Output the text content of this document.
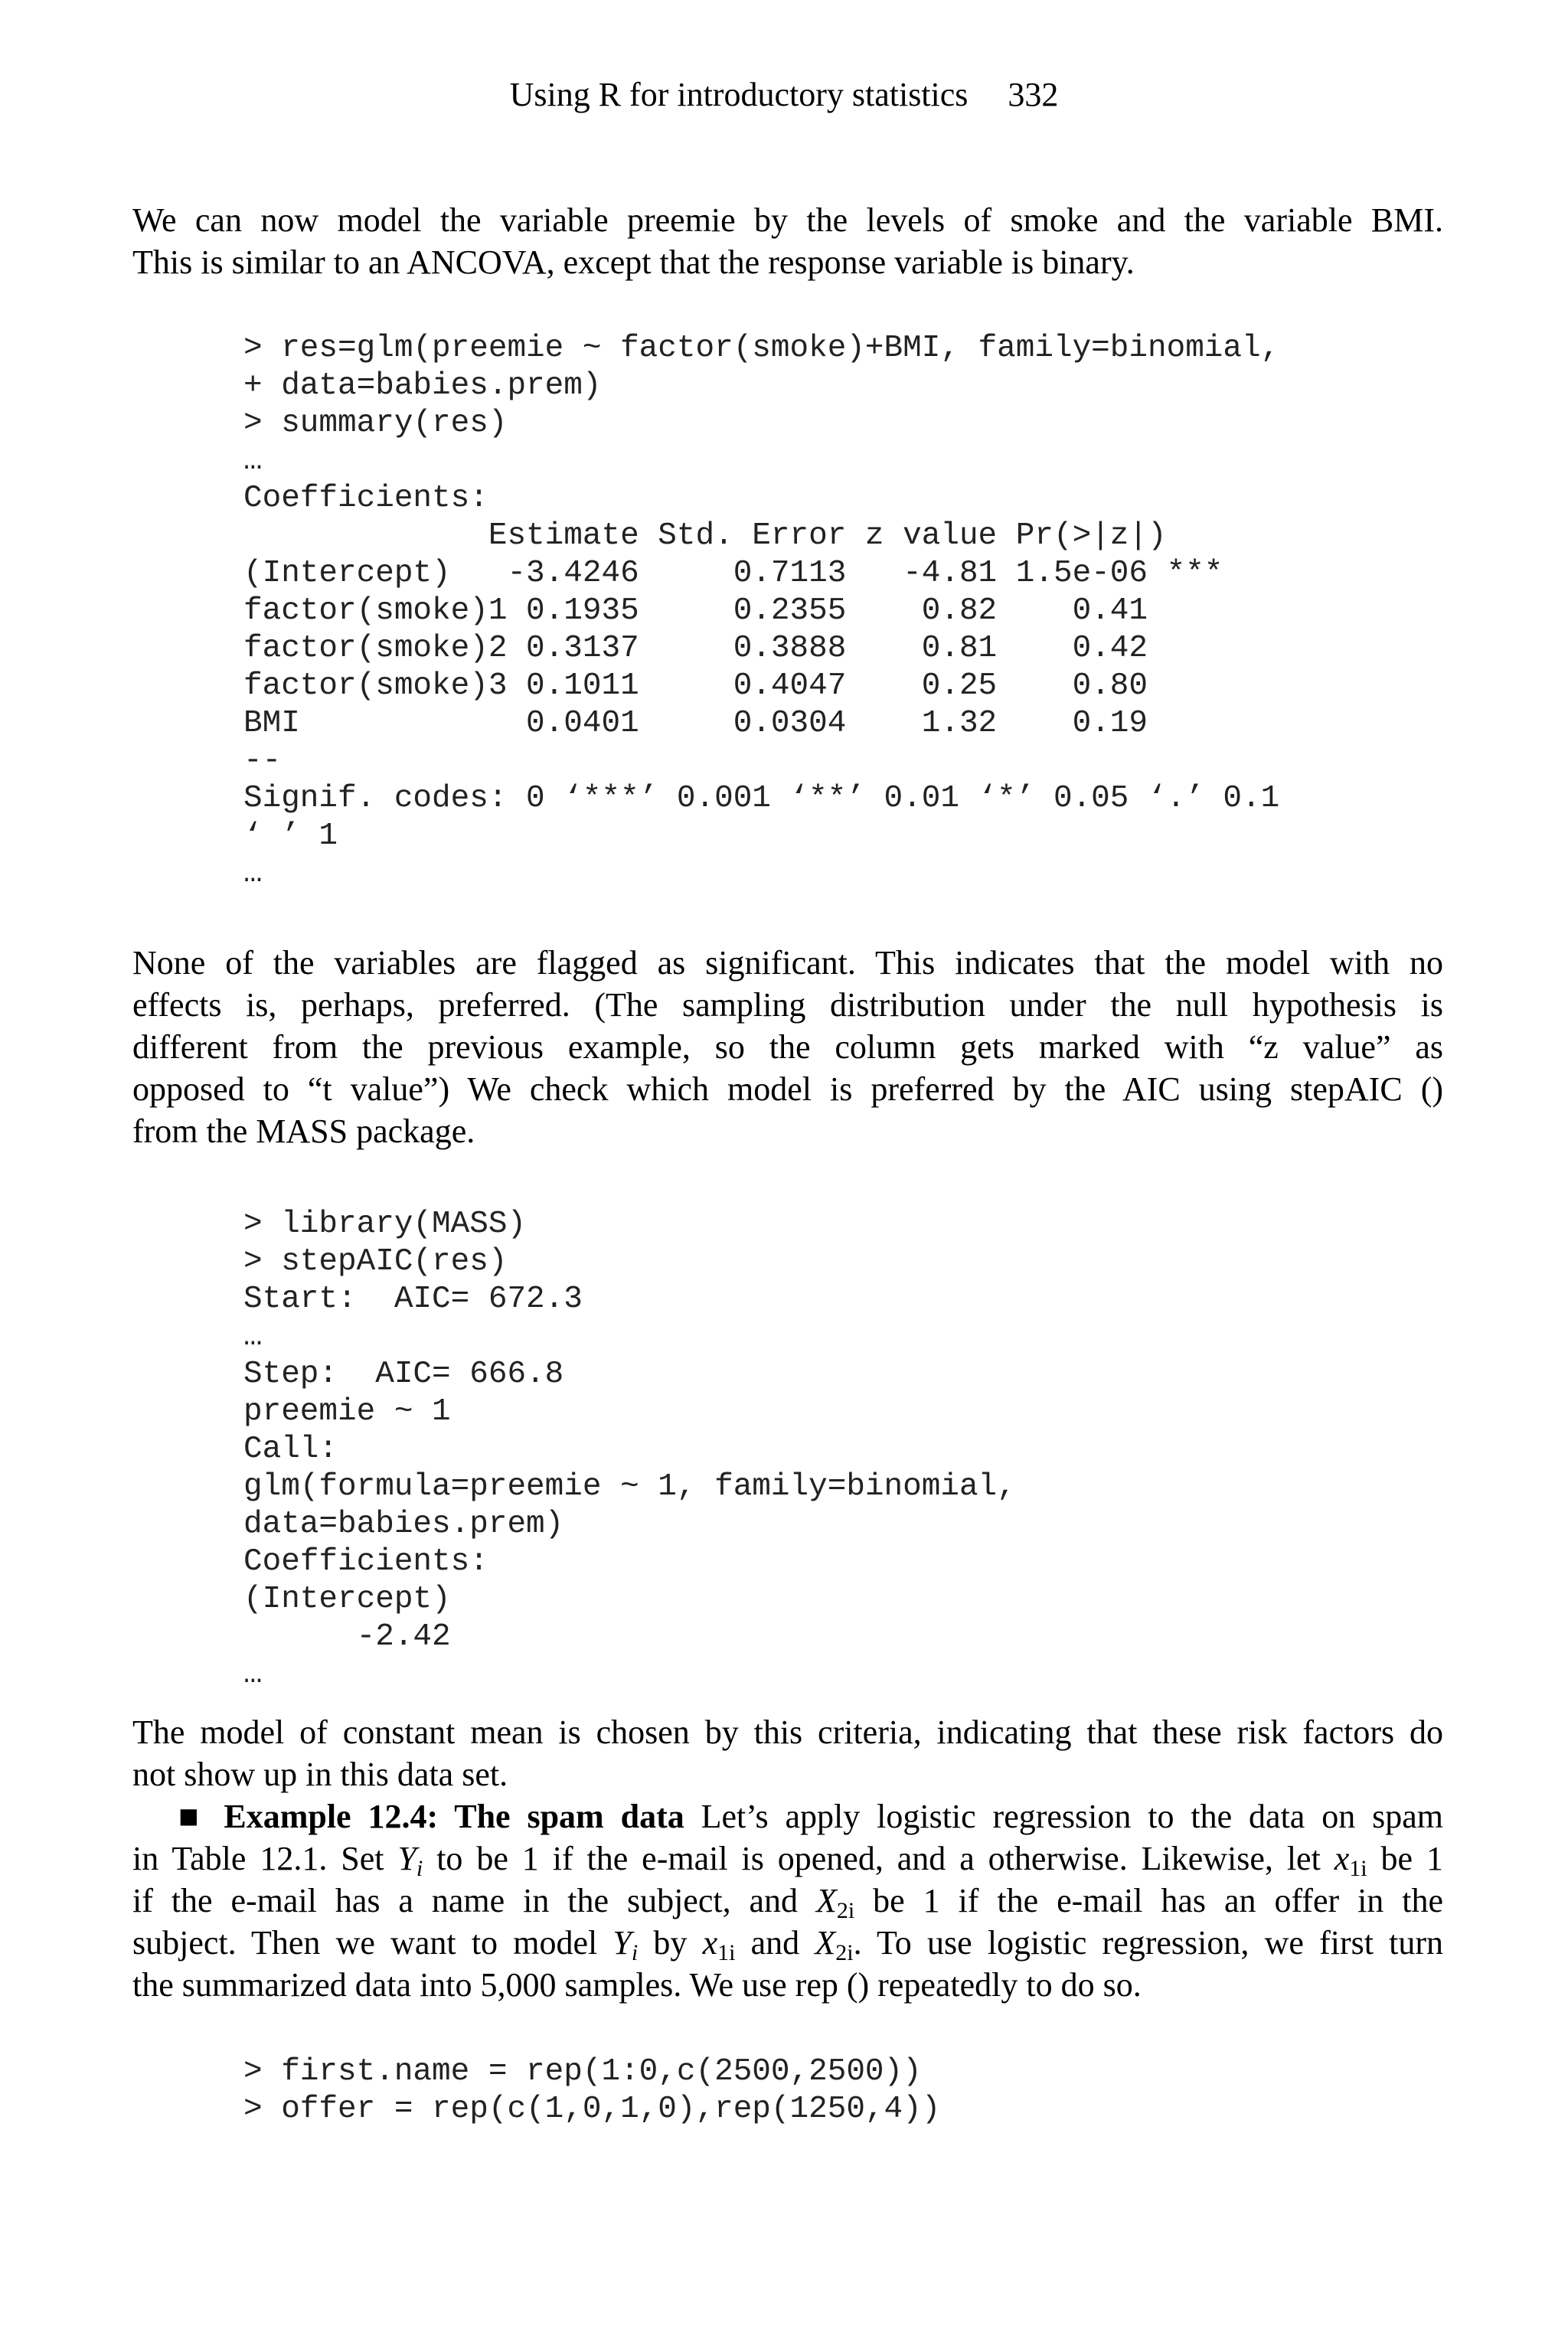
Using R for introductory statistics 332
We can now model the variable preemie by the levels of smoke and the variable BMI.
This is similar to an ANCOVA, except that the response variable is binary.
> res=glm(preemie ~ factor(smoke)+BMI, family=binomial,
+ data=babies.prem)
> summary(res)
…
Coefficients:
Estimate Std. Error z value Pr(>|z|)
(Intercept)   -3.4246     0.7113   -4.81 1.5e-06 ***
factor(smoke)1 0.1935     0.2355    0.82    0.41
factor(smoke)2 0.3137     0.3888    0.81    0.42
factor(smoke)3 0.1011     0.4047    0.25    0.80
BMI            0.0401     0.0304    1.32    0.19
--
Signif. codes: 0 ‘***’ 0.001 ‘**’ 0.01 ‘*’ 0.05 ‘.’ 0.1
‘ ’ 1
…
None of the variables are flagged as significant. This indicates that the model with no
effects is, perhaps, preferred. (The sampling distribution under the null hypothesis is
different from the previous example, so the column gets marked with “z value” as
opposed to “t value”) We check which model is preferred by the AIC using stepAIC ()
from the MASS package.
> library(MASS)
> stepAIC(res)
Start:  AIC= 672.3
…
Step:  AIC= 666.8
preemie ~ 1
Call:
glm(formula=preemie ~ 1, family=binomial,
data=babies.prem)
Coefficients:
(Intercept)
-2.42
…
The model of constant mean is chosen by this criteria, indicating that these risk factors do
not show up in this data set.
■ Example 12.4: The spam data Let’s apply logistic regression to the data on spam
in Table 12.1. Set $Y_i$ to be 1 if the e-mail is opened, and a otherwise. Likewise, let $x_{1i}$ be 1
if the e-mail has a name in the subject, and $X_{2i}$ be 1 if the e-mail has an offer in the
subject. Then we want to model $Y_i$ by $x_{1i}$ and $X_{2i}$. To use logistic regression, we first turn
the summarized data into 5,000 samples. We use rep () repeatedly to do so.
> first.name = rep(1:0,c(2500,2500))
> offer = rep(c(1,0,1,0),rep(1250,4))
